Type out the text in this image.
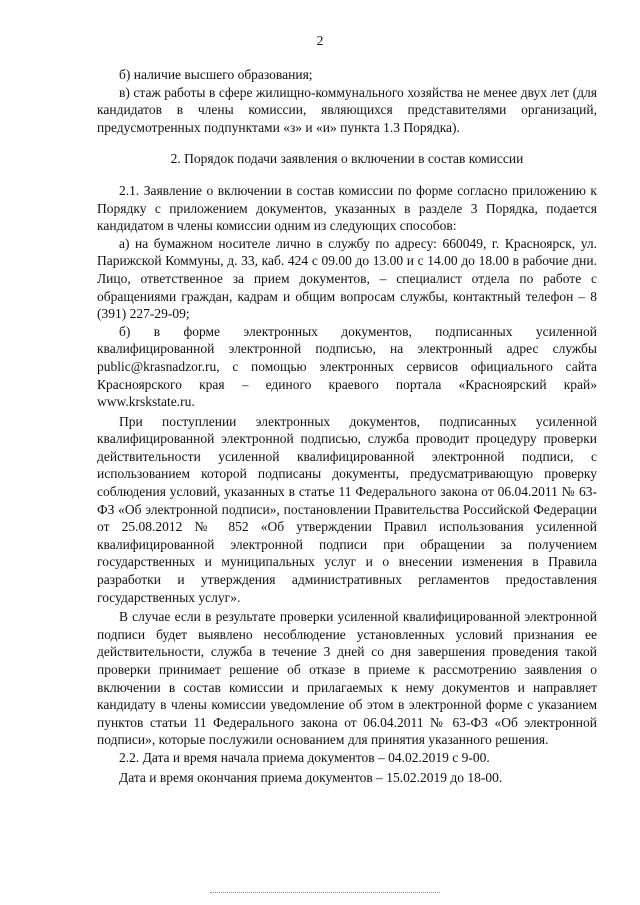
2

б) наличие высшего образования;

в) стаж работы в сфере жилищно-коммунального хозяйства не менее двух лет (для кандидатов в члены комиссии, являющихся представителями организаций, предусмотренных подпунктами «з» и «и» пункта 1.3 Порядка).

2. Порядок подачи заявления о включении в состав комиссии

2.1. Заявление о включении в состав комиссии по форме согласно приложению к Порядку с приложением документов, указанных в разделе 3 Порядка, подается кандидатом в члены комиссии одним из следующих способов:

а) на бумажном носителе лично в службу по адресу: 660049, г. Красноярск, ул. Парижской Коммуны, д. 33, каб. 424 с 09.00 до 13.00 и с 14.00 до 18.00 в рабочие дни. Лицо, ответственное за прием документов, – специалист отдела по работе с обращениями граждан, кадрам и общим вопросам службы, контактный телефон – 8 (391) 227-29-09;

б) в форме электронных документов, подписанных усиленной квалифицированной электронной подписью, на электронный адрес службы public@krasnadzor.ru, с помощью электронных сервисов официального сайта Красноярского края – единого краевого портала «Красноярский край» www.krskstate.ru.

При поступлении электронных документов, подписанных усиленной квалифицированной электронной подписью, служба проводит процедуру проверки действительности усиленной квалифицированной электронной подписи, с использованием которой подписаны документы, предусматривающую проверку соблюдения условий, указанных в статье 11 Федерального закона от 06.04.2011 № 63-ФЗ «Об электронной подписи», постановлении Правительства Российской Федерации от 25.08.2012 № 852 «Об утверждении Правил использования усиленной квалифицированной электронной подписи при обращении за получением государственных и муниципальных услуг и о внесении изменения в Правила разработки и утверждения административных регламентов предоставления государственных услуг».

В случае если в результате проверки усиленной квалифицированной электронной подписи будет выявлено несоблюдение установленных условий признания ее действительности, служба в течение 3 дней со дня завершения проведения такой проверки принимает решение об отказе в приеме к рассмотрению заявления о включении в состав комиссии и прилагаемых к нему документов и направляет кандидату в члены комиссии уведомление об этом в электронной форме с указанием пунктов статьи 11 Федерального закона от 06.04.2011 № 63-ФЗ «Об электронной подписи», которые послужили основанием для принятия указанного решения.

2.2. Дата и время начала приема документов – 04.02.2019 с 9-00.

Дата и время окончания приема документов – 15.02.2019 до 18-00.
